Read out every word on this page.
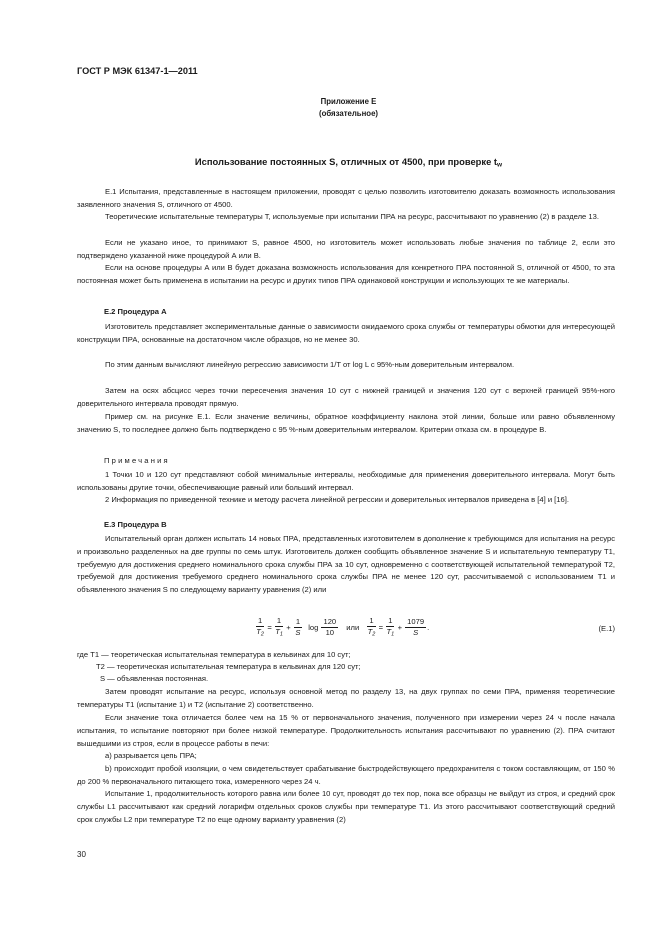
ГОСТ Р МЭК 61347-1—2011
Приложение Е
(обязательное)
Использование постоянных S, отличных от 4500, при проверке $t_w$
Е.1 Испытания, представленные в настоящем приложении, проводят с целью позволить изготовителю доказать возможность использования заявленного значения S, отличного от 4500.
Теоретические испытательные температуры T, используемые при испытании ПРА на ресурс, рассчитывают по уравнению (2) в разделе 13.
Если не указано иное, то принимают S, равное 4500, но изготовитель может использовать любые значения по таблице 2, если это подтверждено указанной ниже процедурой А или В.
Если на основе процедуры А или В будет доказана возможность использования для конкретного ПРА постоянной S, отличной от 4500, то эта постоянная может быть применена в испытании на ресурс и других типов ПРА одинаковой конструкции и использующих те же материалы.
Е.2 Процедура А
Изготовитель представляет экспериментальные данные о зависимости ожидаемого срока службы от температуры обмотки для интересующей конструкции ПРА, основанные на достаточном числе образцов, но не менее 30.
По этим данным вычисляют линейную регрессию зависимости 1/T от log L с 95%-ным доверительным интервалом.
Затем на осях абсцисс через точки пересечения значения 10 сут с нижней границей и значения 120 сут с верхней границей 95%-ного доверительного интервала проводят прямую.
Пример см. на рисунке Е.1. Если значение величины, обратное коэффициенту наклона этой линии, больше или равно объявленному значению S, то последнее должно быть подтверждено с 95 %-ным доверительным интервалом. Критерии отказа см. в процедуре В.
Примечания
1 Точки 10 и 120 сут представляют собой минимальные интервалы, необходимые для применения доверительного интервала. Могут быть использованы другие точки, обеспечивающие равный или больший интервал.
2 Информация по приведенной технике и методу расчета линейной регрессии и доверительных интервалов приведена в [4] и [16].
Е.3 Процедура В
Испытательный орган должен испытать 14 новых ПРА, представленных изготовителем в дополнение к требующимся для испытания на ресурс и произвольно разделенных на две группы по семь штук. Изготовитель должен сообщить объявленное значение S и испытательную температуру T1, требуемую для достижения среднего номинального срока службы ПРА за 10 сут, одновременно с соответствующей испытательной температурой T2, требуемой для достижения требуемого среднего номинального срока службы ПРА не менее 120 сут, рассчитываемой с использованием T1 и объявленного значения S по следующему варианту уравнения (2) или
$\frac{1}{T_2} = \frac{1}{T_1} + \frac{1}{S}$ $\log \frac{120}{10}$ или $\frac{1}{T_2} = \frac{1}{T_1} + \frac{1079}{S}$ .	(Е.1)
где T1 — теоретическая испытательная температура в кельвинах для 10 сут;
T2 — теоретическая испытательная температура в кельвинах для 120 сут;
S — объявленная постоянная.
Затем проводят испытание на ресурс, используя основной метод по разделу 13, на двух группах по семи ПРА, применяя теоретические температуры T1 (испытание 1) и T2 (испытание 2) соответственно.
Если значение тока отличается более чем на 15 % от первоначального значения, полученного при измерении через 24 ч после начала испытания, то испытание повторяют при более низкой температуре. Продолжительность испытания рассчитывают по уравнению (2). ПРА считают вышедшими из строя, если в процессе работы в печи:
а) разрывается цепь ПРА;
b) происходит пробой изоляции, о чем свидетельствует срабатывание быстродействующего предохранителя с током составляющим, от 150 % до 200 % первоначального питающего тока, измеренного через 24 ч.
Испытание 1, продолжительность которого равна или более 10 сут, проводят до тех пор, пока все образцы не выйдут из строя, и средний срок службы L1 рассчитывают как средний логарифм отдельных сроков службы при температуре T1. Из этого рассчитывают соответствующий средний срок службы L2 при температуре T2 по еще одному варианту уравнения (2)
30
